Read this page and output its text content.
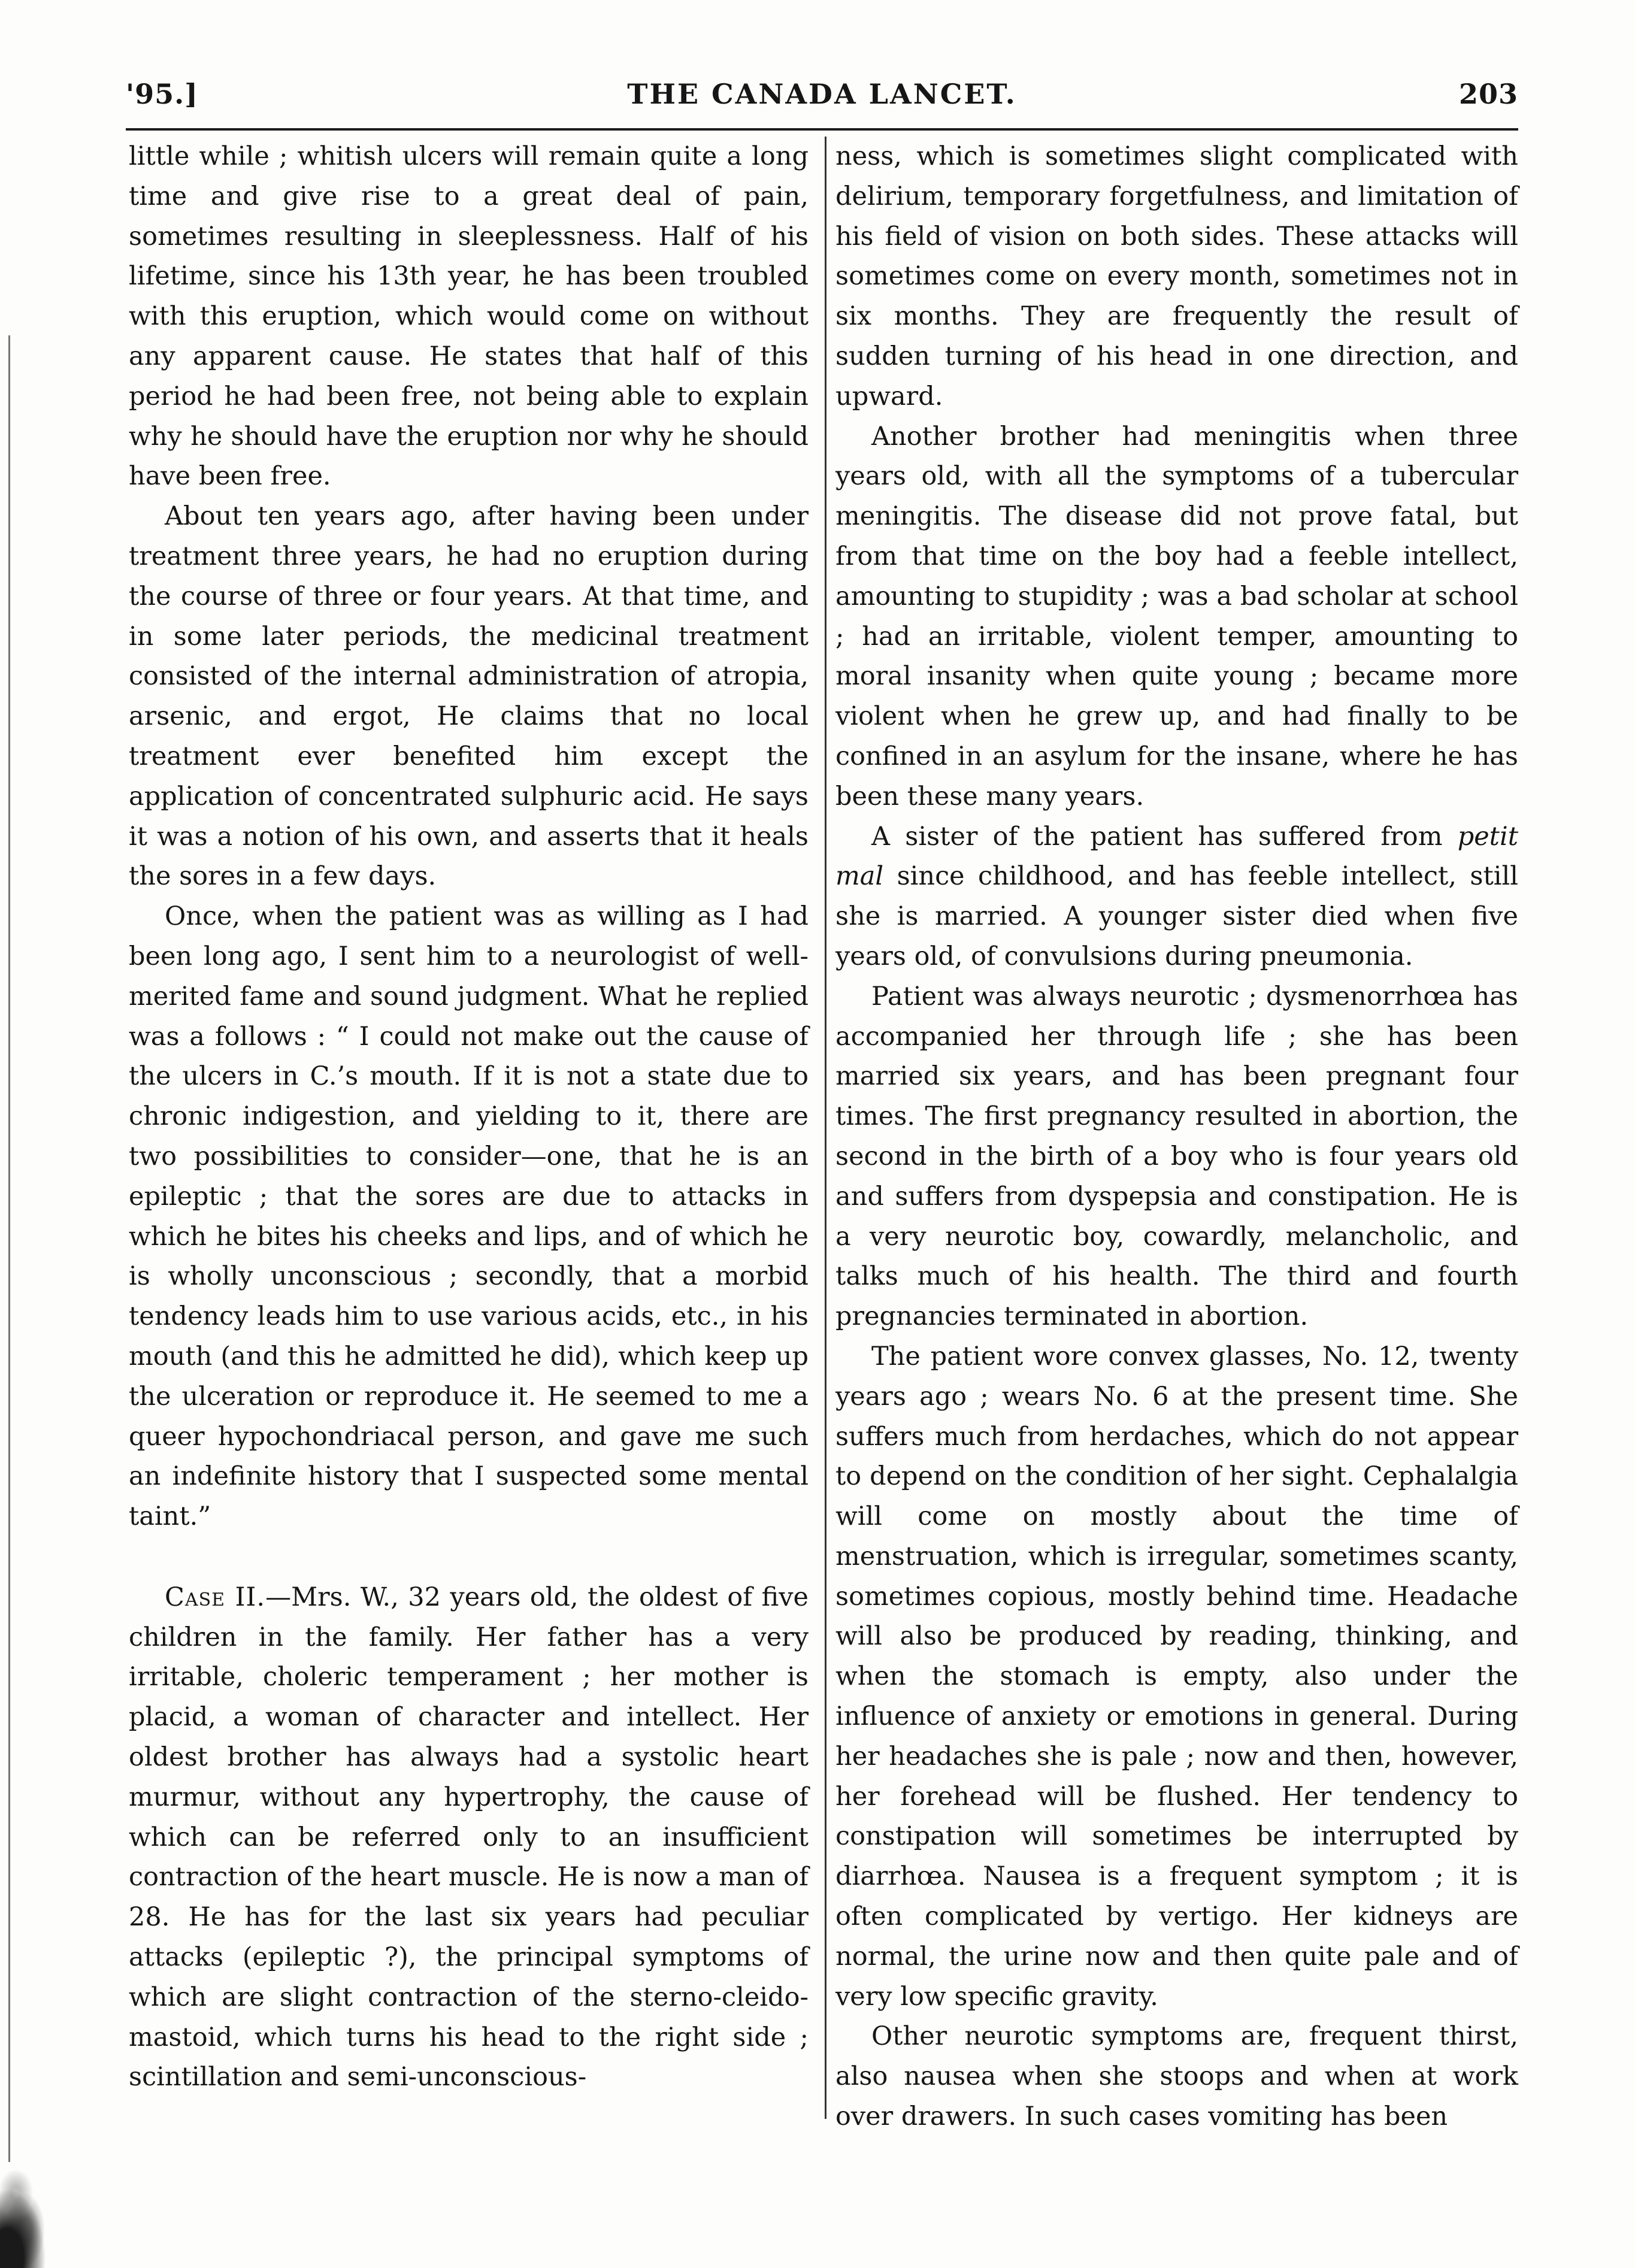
'95.]	THE CANADA LANCET.	203

little while ; whitish ulcers will remain quite a long time and give rise to a great deal of pain, sometimes resulting in sleeplessness. Half of his lifetime, since his 13th year, he has been troubled with this eruption, which would come on without any apparent cause. He states that half of this period he had been free, not being able to explain why he should have the eruption nor why he should have been free.

About ten years ago, after having been under treatment three years, he had no eruption during the course of three or four years. At that time, and in some later periods, the medicinal treatment consisted of the internal administration of atropia, arsenic, and ergot, He claims that no local treatment ever benefited him except the application of concentrated sulphuric acid. He says it was a notion of his own, and asserts that it heals the sores in a few days.

Once, when the patient was as willing as I had been long ago, I sent him to a neurologist of well-merited fame and sound judgment. What he replied was a follows : “ I could not make out the cause of the ulcers in C.’s mouth. If it is not a state due to chronic indigestion, and yielding to it, there are two possibilities to consider—one, that he is an epileptic ; that the sores are due to attacks in which he bites his cheeks and lips, and of which he is wholly unconscious ; secondly, that a morbid tendency leads him to use various acids, etc., in his mouth (and this he admitted he did), which keep up the ulceration or reproduce it. He seemed to me a queer hypochondriacal person, and gave me such an indefinite history that I suspected some mental taint.”

Case II.—Mrs. W., 32 years old, the oldest of five children in the family. Her father has a very irritable, choleric temperament ; her mother is placid, a woman of character and intellect. Her oldest brother has always had a systolic heart murmur, without any hypertrophy, the cause of which can be referred only to an insufficient contraction of the heart muscle. He is now a man of 28. He has for the last six years had peculiar attacks (epileptic ?), the principal symptoms of which are slight contraction of the sterno-cleido-mastoid, which turns his head to the right side ; scintillation and semi-unconscious-

ness, which is sometimes slight complicated with delirium, temporary forgetfulness, and limitation of his field of vision on both sides. These attacks will sometimes come on every month, sometimes not in six months. They are frequently the result of sudden turning of his head in one direction, and upward.

Another brother had meningitis when three years old, with all the symptoms of a tubercular meningitis. The disease did not prove fatal, but from that time on the boy had a feeble intellect, amounting to stupidity ; was a bad scholar at school ; had an irritable, violent temper, amounting to moral insanity when quite young ; became more violent when he grew up, and had finally to be confined in an asylum for the insane, where he has been these many years.

A sister of the patient has suffered from petit mal since childhood, and has feeble intellect, still she is married. A younger sister died when five years old, of convulsions during pneumonia.

Patient was always neurotic ; dysmenorrhœa has accompanied her through life ; she has been married six years, and has been pregnant four times. The first pregnancy resulted in abortion, the second in the birth of a boy who is four years old and suffers from dyspepsia and constipation. He is a very neurotic boy, cowardly, melancholic, and talks much of his health. The third and fourth pregnancies terminated in abortion.

The patient wore convex glasses, No. 12, twenty years ago ; wears No. 6 at the present time. She suffers much from herdaches, which do not appear to depend on the condition of her sight. Cephalalgia will come on mostly about the time of menstruation, which is irregular, sometimes scanty, sometimes copious, mostly behind time. Headache will also be produced by reading, thinking, and when the stomach is empty, also under the influence of anxiety or emotions in general. During her headaches she is pale ; now and then, however, her forehead will be flushed. Her tendency to constipation will sometimes be interrupted by diarrhœa. Nausea is a frequent symptom ; it is often complicated by vertigo. Her kidneys are normal, the urine now and then quite pale and of very low specific gravity.

Other neurotic symptoms are, frequent thirst, also nausea when she stoops and when at work over drawers. In such cases vomiting has been
